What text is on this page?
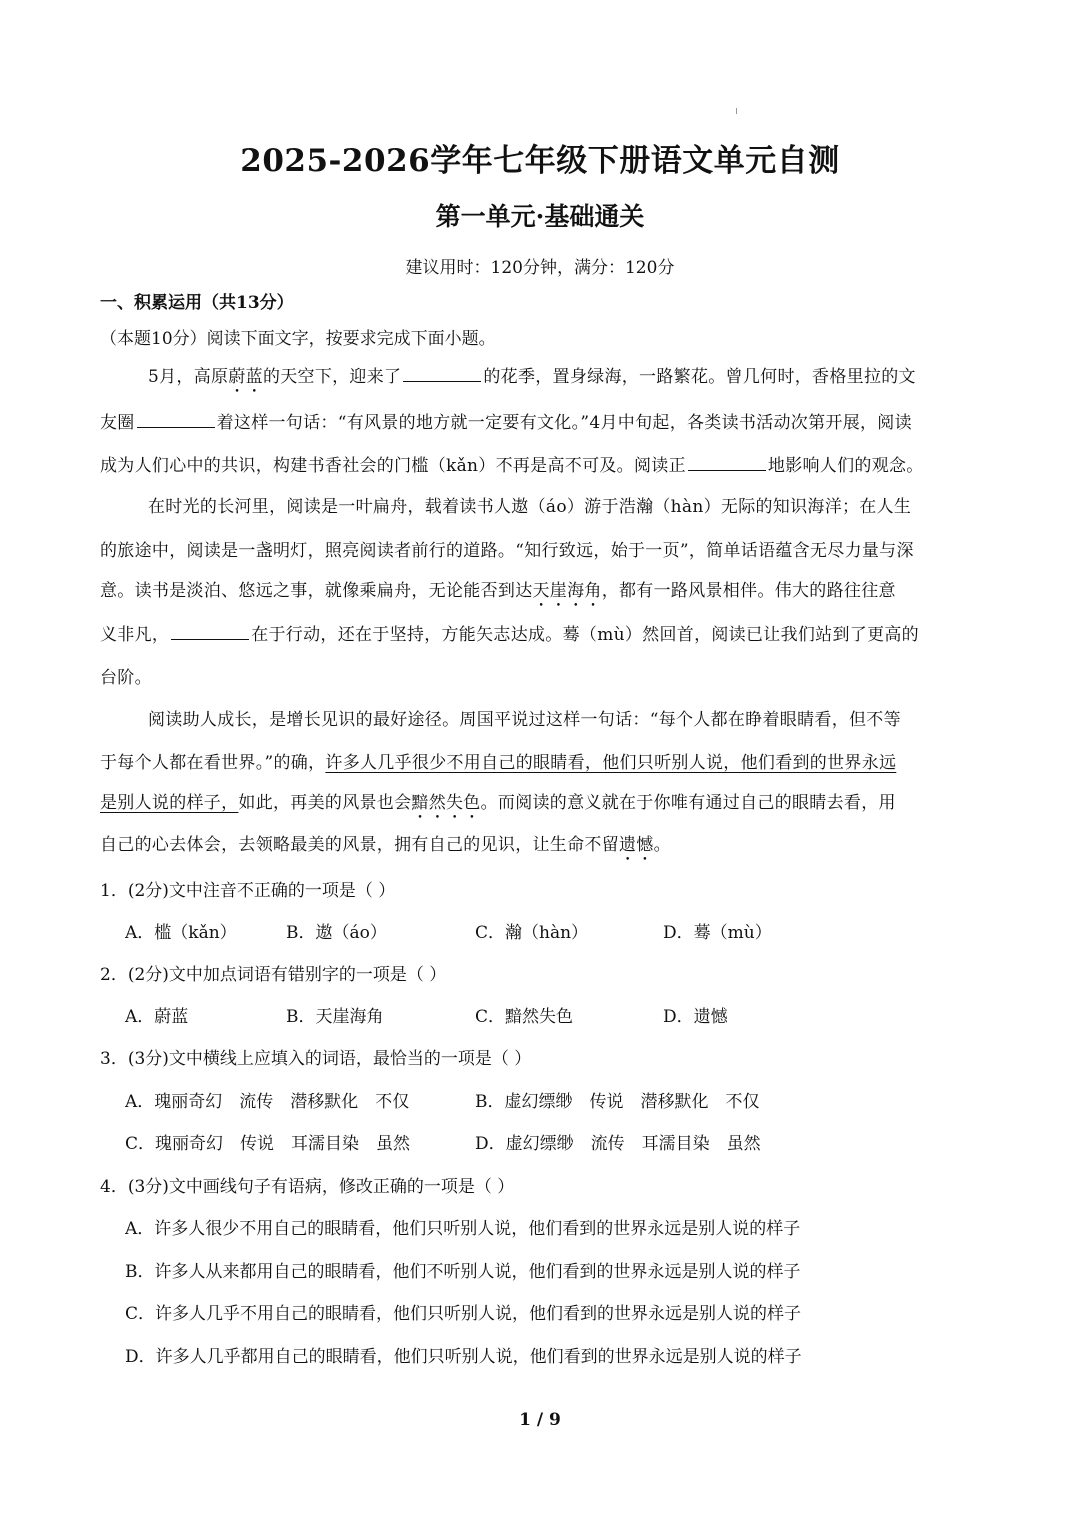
2025-2026学年七年级下册语文单元自测
第一单元·基础通关
建议用时：120分钟，满分：120分
一、积累运用（共13分）
（本题10分）阅读下面文字，按要求完成下面小题。
5月，高原蔚蓝的天空下，迎来了	的花季，置身绿海，一路繁花。曾几何时，香格里拉的文
友圈	着这样一句话：“有风景的地方就一定要有文化。”4月中旬起，各类读书活动次第开展，阅读
成为人们心中的共识，构建书香社会的门槛（kǎn）不再是高不可及。阅读正	地影响人们的观念。
在时光的长河里，阅读是一叶扁舟，载着读书人遨（áo）游于浩瀚（hàn）无际的知识海洋；在人生
的旅途中，阅读是一盏明灯，照亮阅读者前行的道路。“知行致远，始于一页”，简单话语蕴含无尽力量与深
意。读书是淡泊、悠远之事，就像乘扁舟，无论能否到达天崖海角，都有一路风景相伴。伟大的路往往意
义非凡，	在于行动，还在于坚持，方能矢志达成。蓦（mù）然回首，阅读已让我们站到了更高的
台阶。
阅读助人成长，是增长见识的最好途径。周国平说过这样一句话：“每个人都在睁着眼睛看，但不等
于每个人都在看世界。”的确，许多人几乎很少不用自己的眼睛看，他们只听别人说，他们看到的世界永远
是别人说的样子，如此，再美的风景也会黯然失色。而阅读的意义就在于你唯有通过自己的眼睛去看，用
自己的心去体会，去领略最美的风景，拥有自己的见识，让生命不留遗憾。
1．(2分)文中注音不正确的一项是（ ）
A．槛（kǎn）	B．遨（áo）	C．瀚（hàn）	D．蓦（mù）
2．(2分)文中加点词语有错别字的一项是（ ）
A．蔚蓝	B．天崖海角	C．黯然失色	D．遗憾
3．(3分)文中横线上应填入的词语，最恰当的一项是（ ）
A．瑰丽奇幻　流传　潜移默化　不仅	B．虚幻缥缈　传说　潜移默化　不仅
C．瑰丽奇幻　传说　耳濡目染　虽然	D．虚幻缥缈　流传　耳濡目染　虽然
4．(3分)文中画线句子有语病，修改正确的一项是（ ）
A．许多人很少不用自己的眼睛看，他们只听别人说，他们看到的世界永远是别人说的样子
B．许多人从来都用自己的眼睛看，他们不听别人说，他们看到的世界永远是别人说的样子
C．许多人几乎不用自己的眼睛看，他们只听别人说，他们看到的世界永远是别人说的样子
D．许多人几乎都用自己的眼睛看，他们只听别人说，他们看到的世界永远是别人说的样子
1 / 9
